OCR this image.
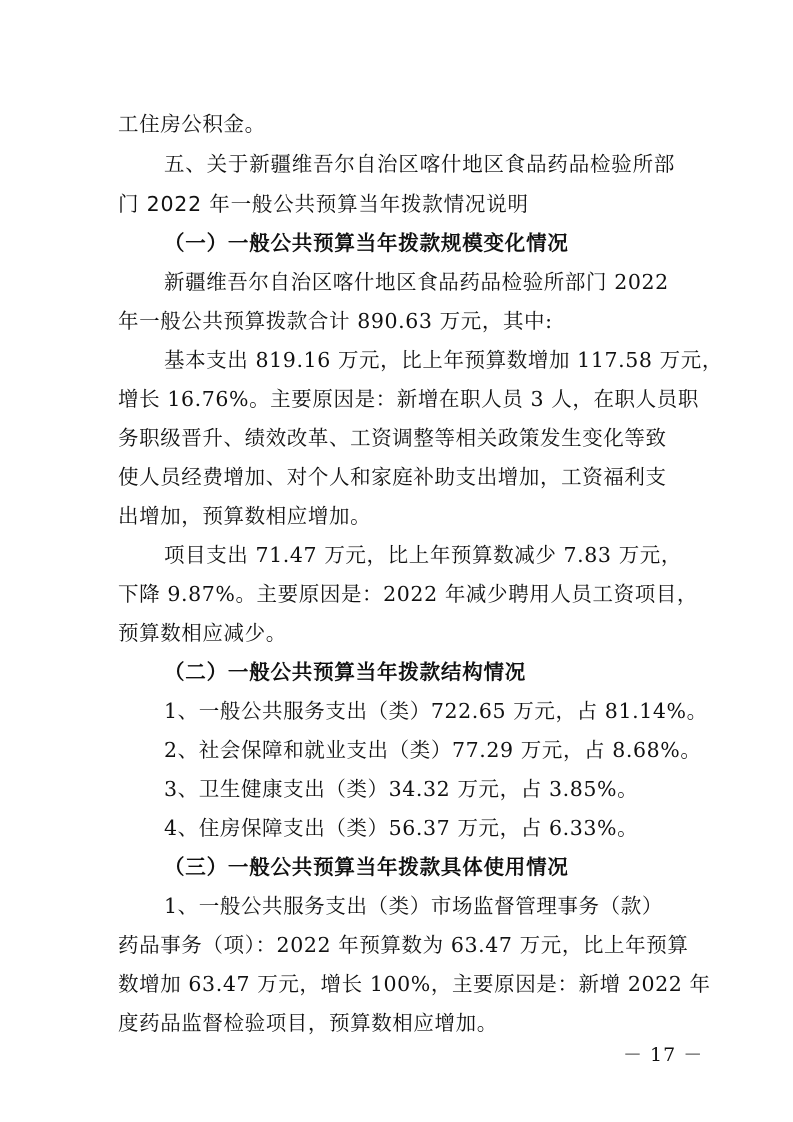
工住房公积金。
五、关于新疆维吾尔自治区喀什地区食品药品检验所部
门 2022 年一般公共预算当年拨款情况说明
（一）一般公共预算当年拨款规模变化情况
新疆维吾尔自治区喀什地区食品药品检验所部门 2022
年一般公共预算拨款合计 890.63 万元，其中:
基本支出 819.16 万元，比上年预算数增加 117.58 万元，
增长 16.76%。主要原因是：新增在职人员 3 人，在职人员职
务职级晋升、绩效改革、工资调整等相关政策发生变化等致
使人员经费增加、对个人和家庭补助支出增加，工资福利支
出增加，预算数相应增加。
项目支出 71.47 万元，比上年预算数减少 7.83 万元，
下降 9.87%。主要原因是：2022 年减少聘用人员工资项目，
预算数相应减少。
（二）一般公共预算当年拨款结构情况
1、一般公共服务支出（类）722.65 万元，占 81.14%。
2、社会保障和就业支出（类）77.29 万元，占 8.68%。
3、卫生健康支出（类）34.32 万元，占 3.85%。
4、住房保障支出（类）56.37 万元，占 6.33%。
（三）一般公共预算当年拨款具体使用情况
1、一般公共服务支出（类）市场监督管理事务（款）
药品事务（项）：2022 年预算数为 63.47 万元，比上年预算
数增加 63.47 万元，增长 100%，主要原因是：新增 2022 年
度药品监督检验项目，预算数相应增加。
－ 17 －
